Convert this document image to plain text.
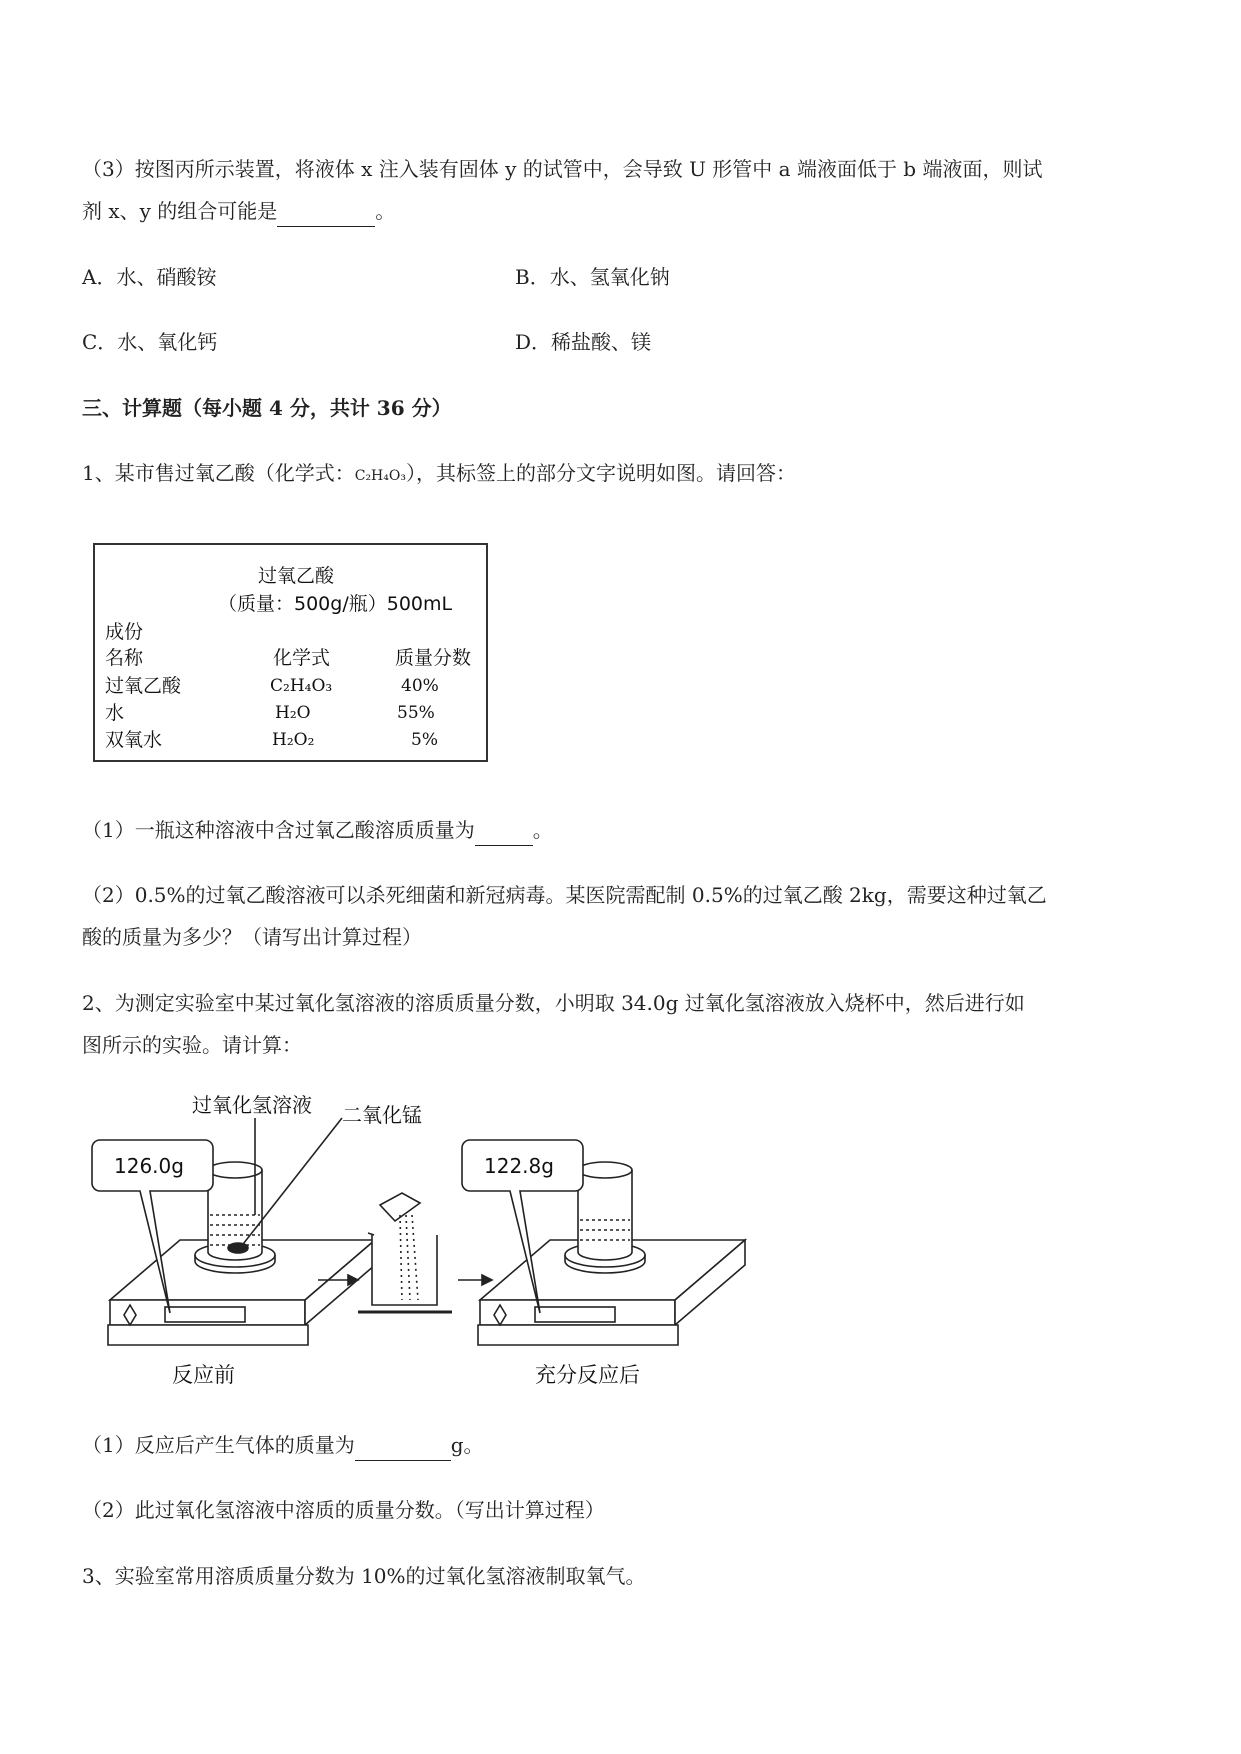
（3）按图丙所示装置，将液体 x 注入装有固体 y 的试管中，会导致 U 形管中 a 端液面低于 b 端液面，则试
剂 x、y 的组合可能是	。
A．水、硝酸铵	B．水、氢氧化钠
C．水、氧化钙	D．稀盐酸、镁
三、计算题（每小题 4 分，共计 36 分）
1、某市售过氧乙酸（化学式：C₂H₄O₃），其标签上的部分文字说明如图。请回答：
过氧乙酸
（质量：500g/瓶）500mL
成份
名称	化学式	质量分数
过氧乙酸	C₂H₄O₃	40%
水	H₂O	55%
双氧水	H₂O₂	5%
（1）一瓶这种溶液中含过氧乙酸溶质质量为	。
（2）0.5%的过氧乙酸溶液可以杀死细菌和新冠病毒。某医院需配制 0.5%的过氧乙酸 2kg，需要这种过氧乙
酸的质量为多少？（请写出计算过程）
2、为测定实验室中某过氧化氢溶液的溶质质量分数，小明取 34.0g 过氧化氢溶液放入烧杯中，然后进行如
图所示的实验。请计算：
过氧化氢溶液 二氧化锰
126.0g	122.8g
反应前	充分反应后
（1）反应后产生气体的质量为	g。
（2）此过氧化氢溶液中溶质的质量分数。（写出计算过程）
3、实验室常用溶质质量分数为 10%的过氧化氢溶液制取氧气。
